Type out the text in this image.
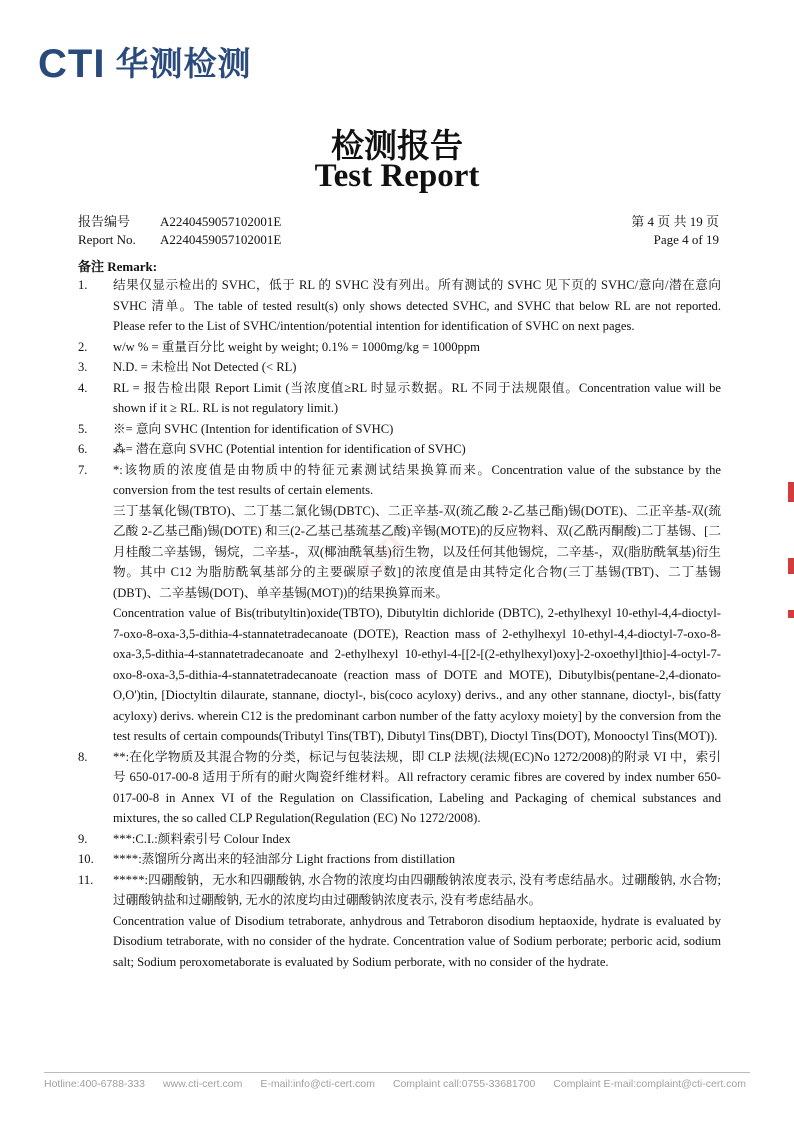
CTI 华测检测
检测报告
Test Report
报告编号 A2240459057102001E
Report No. A2240459057102001E
第 4 页 共 19 页
Page 4 of 19
备注 Remark:
1.	结果仅显示检出的 SVHC，低于 RL 的 SVHC 没有列出。所有测试的 SVHC 见下页的 SVHC/意向/潜在意向 SVHC 清单。The table of tested result(s) only shows detected SVHC, and SVHC that below RL are not reported. Please refer to the List of SVHC/intention/potential intention for identification of SVHC on next pages.
2.	w/w % = 重量百分比 weight by weight; 0.1% = 1000mg/kg = 1000ppm
3.	N.D. = 未检出 Not Detected (< RL)
4.	RL = 报告检出限 Report Limit (当浓度值≥RL 时显示数据。RL 不同于法规限值。Concentration value will be shown if it ≥ RL. RL is not regulatory limit.)
5.	※= 意向 SVHC (Intention for identification of SVHC)
6.	⁂= 潜在意向 SVHC (Potential intention for identification of SVHC)
7.	*:该物质的浓度值是由物质中的特征元素测试结果换算而来。Concentration value of the substance by the conversion from the test results of certain elements.
三丁基氧化锡(TBTO)、二丁基二氯化锡(DBTC)、二正辛基-双(巯乙酸 2-乙基己酯)锡(DOTE)、二正辛基-双(巯乙酸 2-乙基己酯)锡(DOTE) 和三(2-乙基己基巯基乙酸)辛锡(MOTE)的反应物料、双(乙酰丙酮酸)二丁基锡、[二月桂酸二辛基锡，锡烷，二辛基-，双(椰油酰氧基)衍生物，以及任何其他锡烷，二辛基-，双(脂肪酰氧基)衍生物。其中 C12 为脂肪酰氧基部分的主要碳原子数]的浓度值是由其特定化合物(三丁基锡(TBT)、二丁基锡(DBT)、二辛基锡(DOT)、单辛基锡(MOT))的结果换算而来。
Concentration value of Bis(tributyltin)oxide(TBTO), Dibutyltin dichloride (DBTC), 2-ethylhexyl 10-ethyl-4,4-dioctyl-7-oxo-8-oxa-3,5-dithia-4-stannatetradecanoate (DOTE), Reaction mass of 2-ethylhexyl 10-ethyl-4,4-dioctyl-7-oxo-8- oxa-3,5-dithia-4-stannatetradecanoate and 2-ethylhexyl 10-ethyl-4-[[2-[(2-ethylhexyl)oxy]-2-oxoethyl]thio]-4-octyl-7-oxo-8-oxa-3,5-dithia-4-stannatetradecanoate (reaction mass of DOTE and MOTE), Dibutylbis(pentane-2,4-dionato-O,O')tin, [Dioctyltin dilaurate, stannane, dioctyl-, bis(coco acyloxy) derivs., and any other stannane, dioctyl-, bis(fatty acyloxy) derivs. wherein C12 is the predominant carbon number of the fatty acyloxy moiety] by the conversion from the test results of certain compounds(Tributyl Tins(TBT), Dibutyl Tins(DBT), Dioctyl Tins(DOT), Monooctyl Tins(MOT)).
8.	**:在化学物质及其混合物的分类，标记与包装法规，即 CLP 法规(法规(EC)No 1272/2008)的附录 VI 中，索引号 650-017-00-8 适用于所有的耐火陶瓷纤维材料。All refractory ceramic fibres are covered by index number 650-017-00-8 in Annex VI of the Regulation on Classification, Labeling and Packaging of chemical substances and mixtures, the so called CLP Regulation(Regulation (EC) No 1272/2008).
9.	***:C.I.:颜料索引号 Colour Index
10.	****:蒸馏所分离出来的轻油部分 Light fractions from distillation
11.	*****:四硼酸钠，无水和四硼酸钠, 水合物的浓度均由四硼酸钠浓度表示, 没有考虑结晶水。过硼酸钠, 水合物; 过硼酸钠盐和过硼酸钠, 无水的浓度均由过硼酸钠浓度表示, 没有考虑结晶水。
Concentration value of Disodium tetraborate, anhydrous and Tetraboron disodium heptaoxide, hydrate is evaluated by Disodium tetraborate, with no consider of the hydrate. Concentration value of Sodium perborate; perboric acid, sodium salt; Sodium peroxometaborate is evaluated by Sodium perborate, with no consider of the hydrate.
CTI
Hotline:400-6788-333 www.cti-cert.com E-mail:info@cti-cert.com Complaint call:0755-33681700 Complaint E-mail:complaint@cti-cert.com
